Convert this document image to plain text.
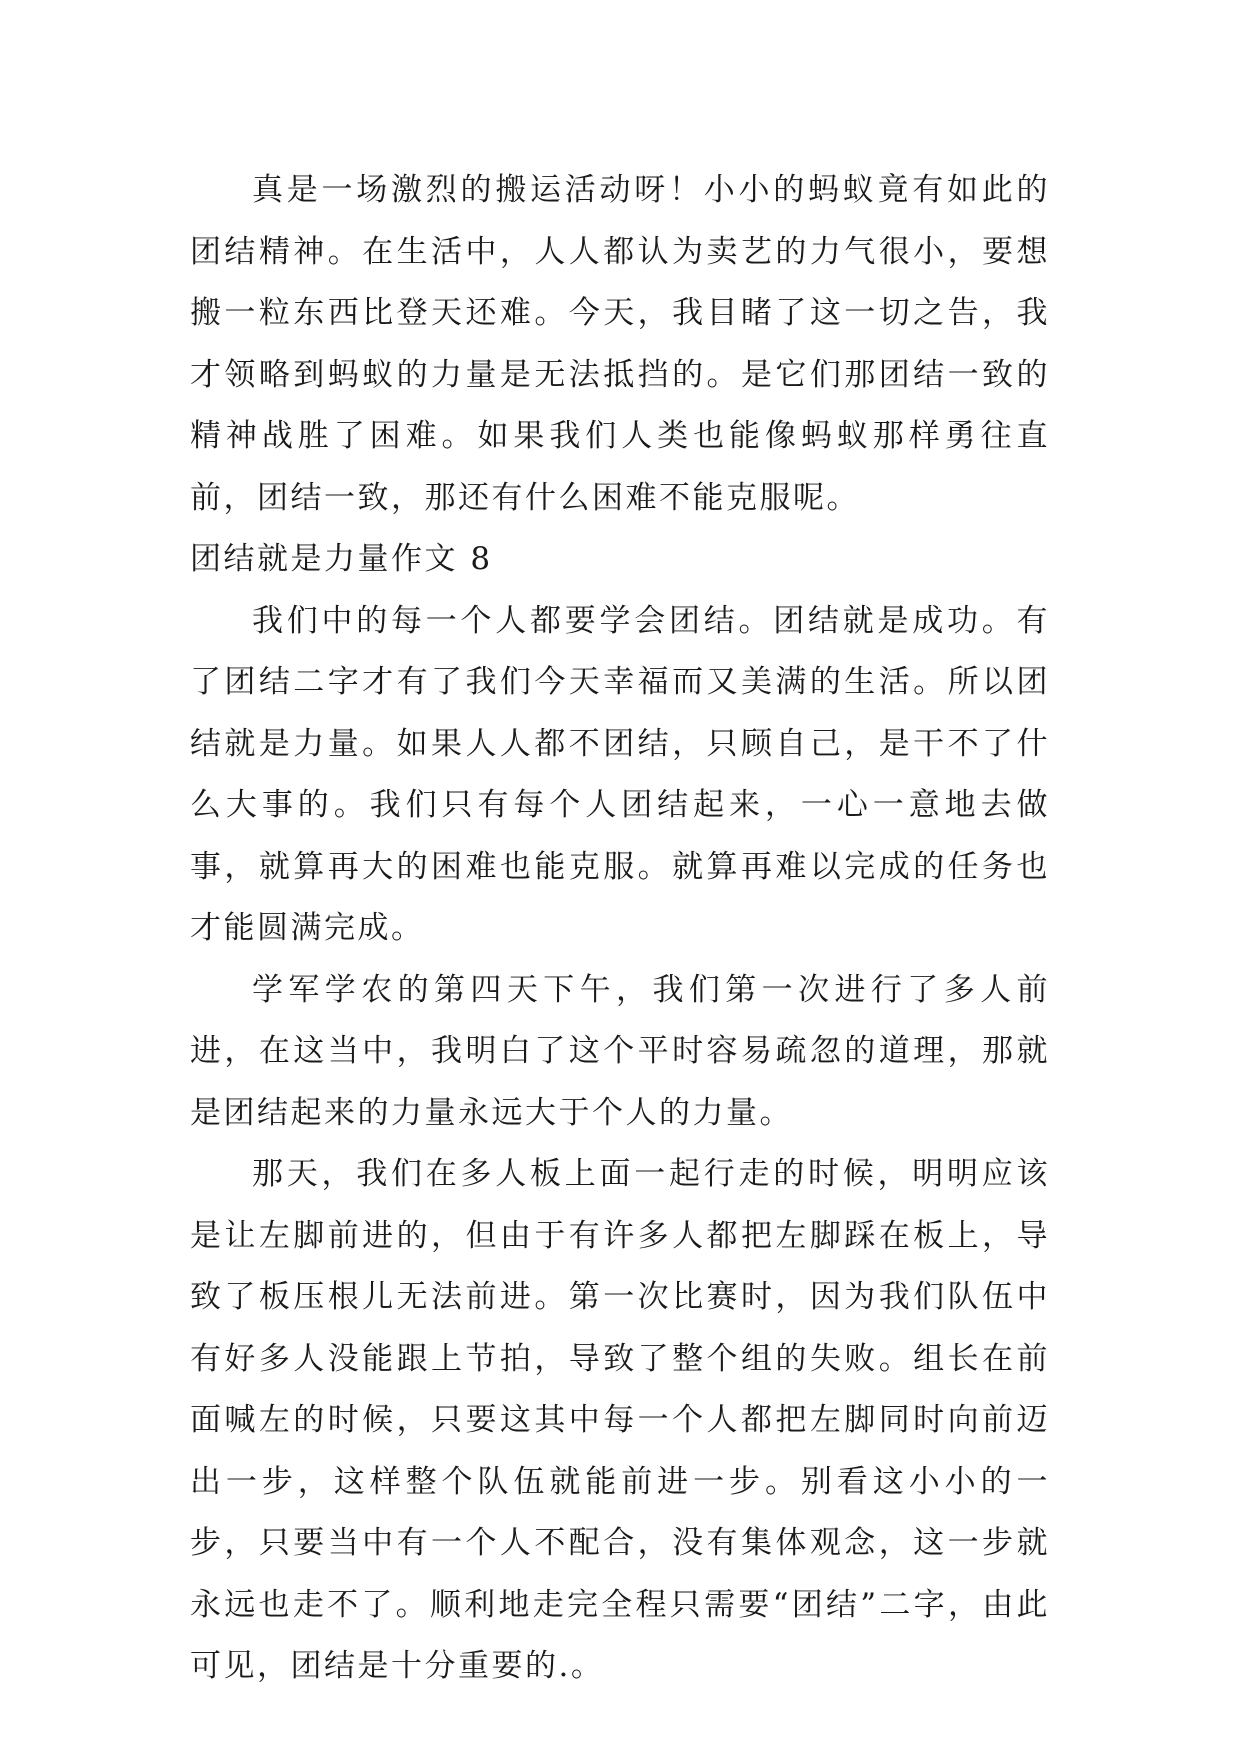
真是一场激烈的搬运活动呀！小小的蚂蚁竟有如此的团结精神。在生活中，人人都认为卖艺的力气很小，要想搬一粒东西比登天还难。今天，我目睹了这一切之告，我才领略到蚂蚁的力量是无法抵挡的。是它们那团结一致的精神战胜了困难。如果我们人类也能像蚂蚁那样勇往直前，团结一致，那还有什么困难不能克服呢。

团结就是力量作文 8

我们中的每一个人都要学会团结。团结就是成功。有了团结二字才有了我们今天幸福而又美满的生活。所以团结就是力量。如果人人都不团结，只顾自己，是干不了什么大事的。我们只有每个人团结起来，一心一意地去做事，就算再大的困难也能克服。就算再难以完成的任务也才能圆满完成。

学军学农的第四天下午，我们第一次进行了多人前进，在这当中，我明白了这个平时容易疏忽的道理，那就是团结起来的力量永远大于个人的力量。

那天，我们在多人板上面一起行走的时候，明明应该是让左脚前进的，但由于有许多人都把左脚踩在板上，导致了板压根儿无法前进。第一次比赛时，因为我们队伍中有好多人没能跟上节拍，导致了整个组的失败。组长在前面喊左的时候，只要这其中每一个人都把左脚同时向前迈出一步，这样整个队伍就能前进一步。别看这小小的一步，只要当中有一个人不配合，没有集体观念，这一步就永远也走不了。顺利地走完全程只需要“团结”二字，由此可见，团结是十分重要的.。
